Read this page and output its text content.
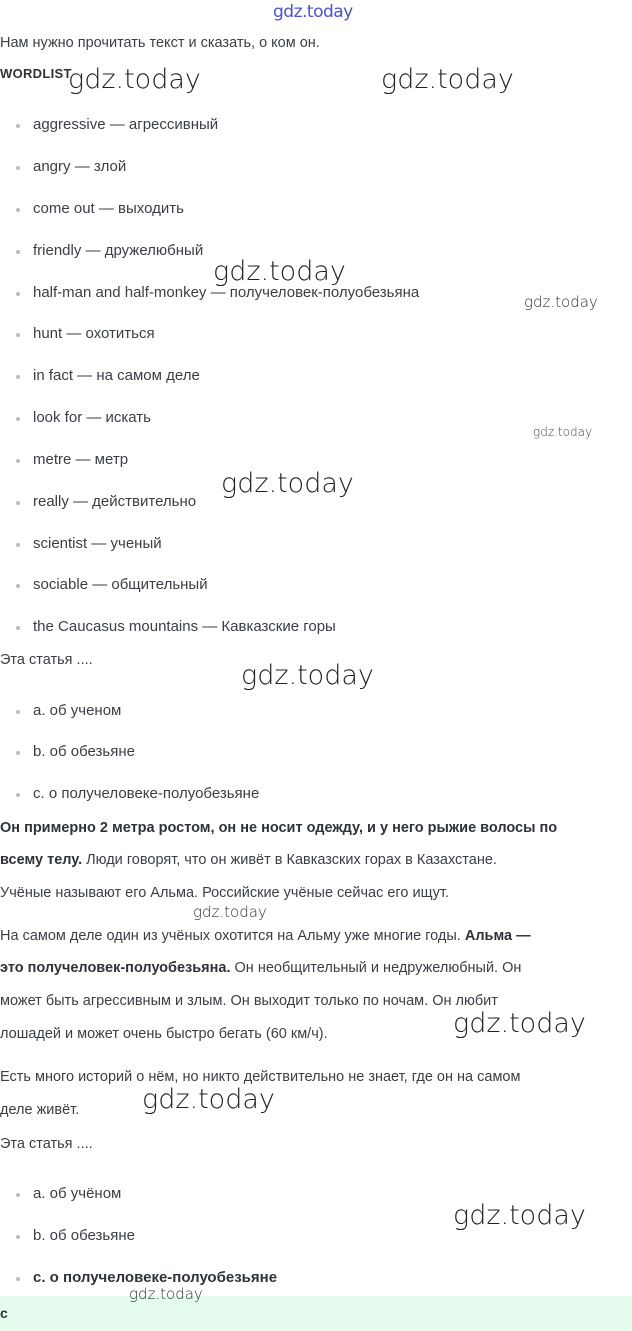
gdz.today
Нам нужно прочитать текст и сказать, о ком он.
WORDLIST
aggressive — агрессивный
angry — злой
come out — выходить
friendly — дружелюбный
half-man and half-monkey — получеловек-полуобезьяна
hunt — охотиться
in fact — на самом деле
look for — искать
metre — метр
really — действительно
scientist — ученый
sociable — общительный
the Caucasus mountains — Кавказские горы
Эта статья ....
a. об ученом
b. об обезьяне
c. о получеловеке-полуобезьяне
Он примерно 2 метра ростом, он не носит одежду, и у него рыжие волосы по
всему телу. Люди говорят, что он живёт в Кавказских горах в Казахстане.
Учёные называют его Альма. Российские учёные сейчас его ищут.
На самом деле один из учёных охотится на Альму уже многие годы. Альма —
это получеловек-полуобезьяна. Он необщительный и недружелюбный. Он
может быть агрессивным и злым. Он выходит только по ночам. Он любит
лошадей и может очень быстро бегать (60 км/ч).
Есть много историй о нём, но никто действительно не знает, где он на самом
деле живёт.
Эта статья ....
a. об учёном
b. об обезьяне
c. о получеловеке-полуобезьяне
c
gdz.today	gdz.today
gdz.today
gdz.today
gdz.today
gdz.today
gdz.today
gdz.today
gdz.today
gdz.today
gdz.today
gdz.today
